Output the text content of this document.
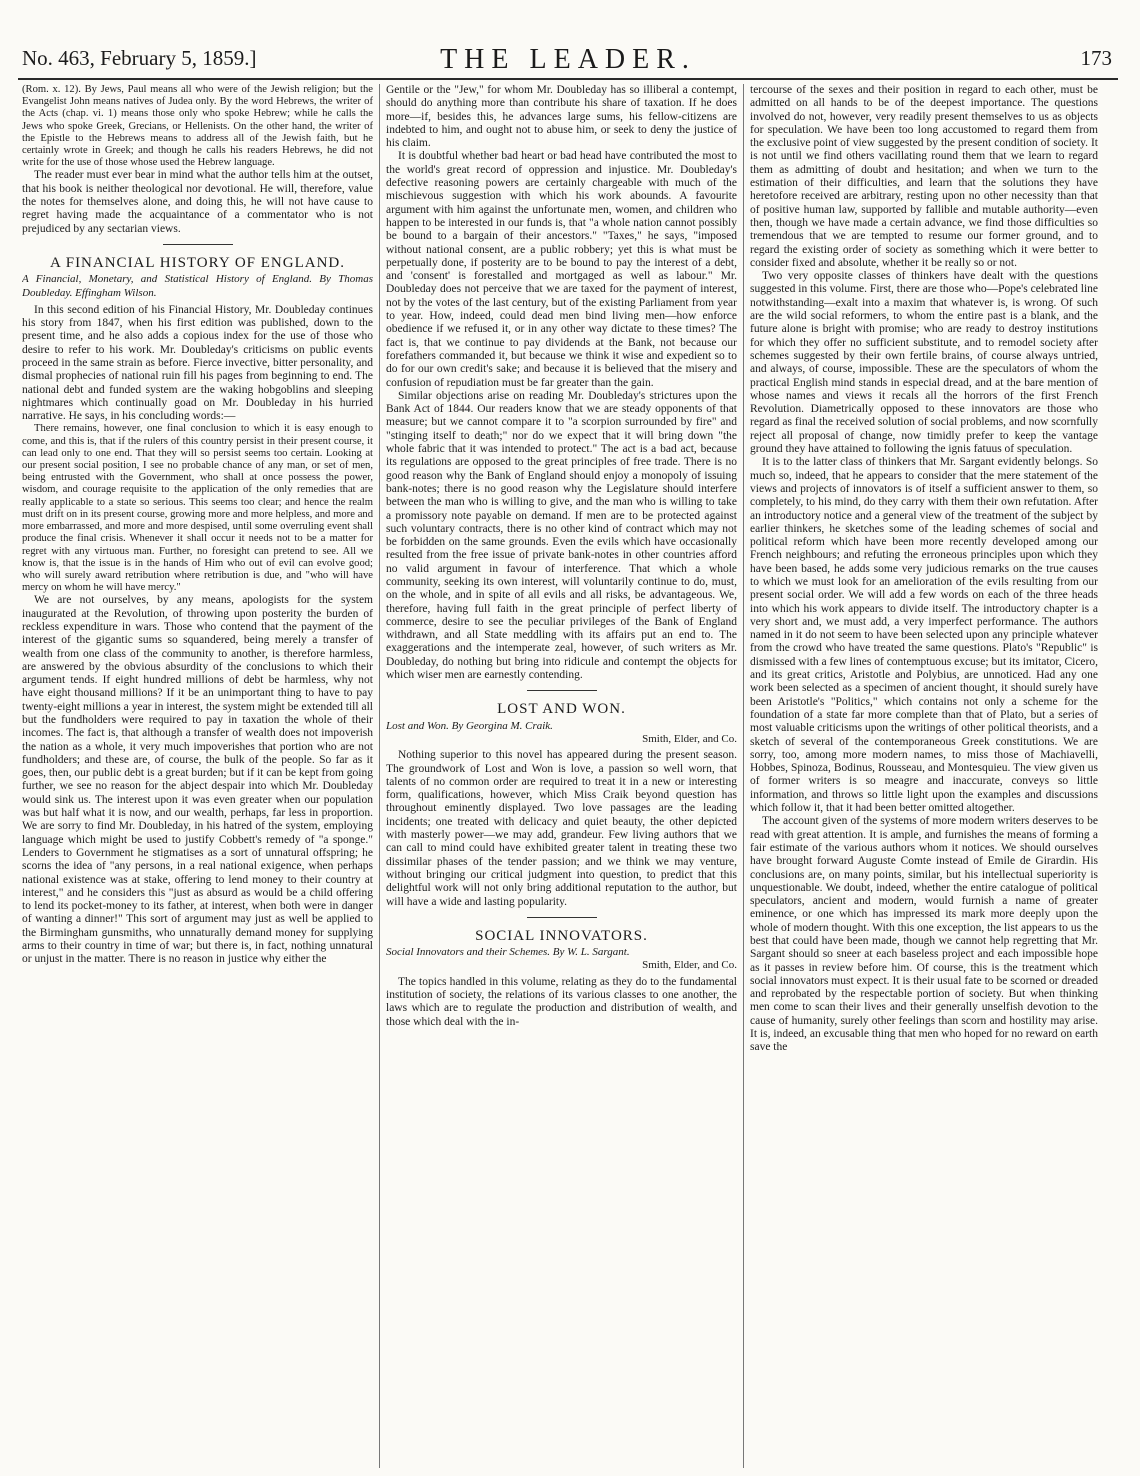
No. 463, February 5, 1859.]	THE LEADER.	173

(Rom. x. 12). By Jews, Paul means all who were of the Jewish religion; but the Evangelist John means natives of Judea only. By the word Hebrews, the writer of the Acts (chap. vi. 1) means those only who spoke Hebrew; while he calls the Jews who spoke Greek, Grecians, or Hellenists. On the other hand, the writer of the Epistle to the Hebrews means to address all of the Jewish faith, but he certainly wrote in Greek; and though he calls his readers Hebrews, he did not write for the use of those whose used the Hebrew language.

The reader must ever bear in mind what the author tells him at the outset, that his book is neither theological nor devotional. He will, therefore, value the notes for themselves alone, and doing this, he will not have cause to regret having made the acquaintance of a commentator who is not prejudiced by any sectarian views.

A FINANCIAL HISTORY OF ENGLAND.

A Financial, Monetary, and Statistical History of England. By Thomas Doubleday. Effingham Wilson.

In this second edition of his Financial History, Mr. Doubleday continues his story from 1847, when his first edition was published, down to the present time, and he also adds a copious index for the use of those who desire to refer to his work. Mr. Doubleday's criticisms on public events proceed in the same strain as before. Fierce invective, bitter personality, and dismal prophecies of national ruin fill his pages from beginning to end. The national debt and funded system are the waking hobgoblins and sleeping nightmares which continually goad on Mr. Doubleday in his hurried narrative. He says, in his concluding words:—

There remains, however, one final conclusion to which it is easy enough to come, and this is, that if the rulers of this country persist in their present course, it can lead only to one end. That they will so persist seems too certain. Looking at our present social position, I see no probable chance of any man, or set of men, being entrusted with the Government, who shall at once possess the power, wisdom, and courage requisite to the application of the only remedies that are really applicable to a state so serious. This seems too clear; and hence the realm must drift on in its present course, growing more and more helpless, and more and more embarrassed, and more and more despised, until some overruling event shall produce the final crisis. Whenever it shall occur it needs not to be a matter for regret with any virtuous man. Further, no foresight can pretend to see. All we know is, that the issue is in the hands of Him who out of evil can evolve good; who will surely award retribution where retribution is due, and "who will have mercy on whom he will have mercy."

We are not ourselves, by any means, apologists for the system inaugurated at the Revolution, of throwing upon posterity the burden of reckless expenditure in wars. Those who contend that the payment of the interest of the gigantic sums so squandered, being merely a transfer of wealth from one class of the community to another, is therefore harmless, are answered by the obvious absurdity of the conclusions to which their argument tends. If eight hundred millions of debt be harmless, why not have eight thousand millions? If it be an unimportant thing to have to pay twenty-eight millions a year in interest, the system might be extended till all but the fundholders were required to pay in taxation the whole of their incomes. The fact is, that although a transfer of wealth does not impoverish the nation as a whole, it very much impoverishes that portion who are not fundholders; and these are, of course, the bulk of the people. So far as it goes, then, our public debt is a great burden; but if it can be kept from going further, we see no reason for the abject despair into which Mr. Doubleday would sink us. The interest upon it was even greater when our population was but half what it is now, and our wealth, perhaps, far less in proportion. We are sorry to find Mr. Doubleday, in his hatred of the system, employing language which might be used to justify Cobbett's remedy of "a sponge." Lenders to Government he stigmatises as a sort of unnatural offspring; he scorns the idea of "any persons, in a real national exigence, when perhaps national existence was at stake, offering to lend money to their country at interest," and he considers this "just as absurd as would be a child offering to lend its pocket-money to its father, at interest, when both were in danger of wanting a dinner!" This sort of argument may just as well be applied to the Birmingham gunsmiths, who unnaturally demand money for supplying arms to their country in time of war; but there is, in fact, nothing unnatural or unjust in the matter. There is no reason in justice why either the

Gentile or the "Jew," for whom Mr. Doubleday has so illiberal a contempt, should do anything more than contribute his share of taxation. If he does more—if, besides this, he advances large sums, his fellow-citizens are indebted to him, and ought not to abuse him, or seek to deny the justice of his claim.

It is doubtful whether bad heart or bad head have contributed the most to the world's great record of oppression and injustice. Mr. Doubleday's defective reasoning powers are certainly chargeable with much of the mischievous suggestion with which his work abounds. A favourite argument with him against the unfortunate men, women, and children who happen to be interested in our funds is, that "a whole nation cannot possibly be bound to a bargain of their ancestors." "Taxes," he says, "imposed without national consent, are a public robbery; yet this is what must be perpetually done, if posterity are to be bound to pay the interest of a debt, and 'consent' is forestalled and mortgaged as well as labour." Mr. Doubleday does not perceive that we are taxed for the payment of interest, not by the votes of the last century, but of the existing Parliament from year to year. How, indeed, could dead men bind living men—how enforce obedience if we refused it, or in any other way dictate to these times? The fact is, that we continue to pay dividends at the Bank, not because our forefathers commanded it, but because we think it wise and expedient so to do for our own credit's sake; and because it is believed that the misery and confusion of repudiation must be far greater than the gain.

Similar objections arise on reading Mr. Doubleday's strictures upon the Bank Act of 1844. Our readers know that we are steady opponents of that measure; but we cannot compare it to "a scorpion surrounded by fire" and "stinging itself to death;" nor do we expect that it will bring down "the whole fabric that it was intended to protect." The act is a bad act, because its regulations are opposed to the great principles of free trade. There is no good reason why the Bank of England should enjoy a monopoly of issuing bank-notes; there is no good reason why the Legislature should interfere between the man who is willing to give, and the man who is willing to take a promissory note payable on demand. If men are to be protected against such voluntary contracts, there is no other kind of contract which may not be forbidden on the same grounds. Even the evils which have occasionally resulted from the free issue of private bank-notes in other countries afford no valid argument in favour of interference. That which a whole community, seeking its own interest, will voluntarily continue to do, must, on the whole, and in spite of all evils and all risks, be advantageous. We, therefore, having full faith in the great principle of perfect liberty of commerce, desire to see the peculiar privileges of the Bank of England withdrawn, and all State meddling with its affairs put an end to. The exaggerations and the intemperate zeal, however, of such writers as Mr. Doubleday, do nothing but bring into ridicule and contempt the objects for which wiser men are earnestly contending.

LOST AND WON.

Lost and Won. By Georgina M. Craik.

Smith, Elder, and Co.

Nothing superior to this novel has appeared during the present season. The groundwork of Lost and Won is love, a passion so well worn, that talents of no common order are required to treat it in a new or interesting form, qualifications, however, which Miss Craik beyond question has throughout eminently displayed. Two love passages are the leading incidents; one treated with delicacy and quiet beauty, the other depicted with masterly power—we may add, grandeur. Few living authors that we can call to mind could have exhibited greater talent in treating these two dissimilar phases of the tender passion; and we think we may venture, without bringing our critical judgment into question, to predict that this delightful work will not only bring additional reputation to the author, but will have a wide and lasting popularity.

SOCIAL INNOVATORS.

Social Innovators and their Schemes. By W. L. Sargant.

Smith, Elder, and Co.

The topics handled in this volume, relating as they do to the fundamental institution of society, the relations of its various classes to one another, the laws which are to regulate the production and distribution of wealth, and those which deal with the in-

tercourse of the sexes and their position in regard to each other, must be admitted on all hands to be of the deepest importance. The questions involved do not, however, very readily present themselves to us as objects for speculation. We have been too long accustomed to regard them from the exclusive point of view suggested by the present condition of society. It is not until we find others vacillating round them that we learn to regard them as admitting of doubt and hesitation; and when we turn to the estimation of their difficulties, and learn that the solutions they have heretofore received are arbitrary, resting upon no other necessity than that of positive human law, supported by fallible and mutable authority—even then, though we have made a certain advance, we find those difficulties so tremendous that we are tempted to resume our former ground, and to regard the existing order of society as something which it were better to consider fixed and absolute, whether it be really so or not.

Two very opposite classes of thinkers have dealt with the questions suggested in this volume. First, there are those who—Pope's celebrated line notwithstanding—exalt into a maxim that whatever is, is wrong. Of such are the wild social reformers, to whom the entire past is a blank, and the future alone is bright with promise; who are ready to destroy institutions for which they offer no sufficient substitute, and to remodel society after schemes suggested by their own fertile brains, of course always untried, and always, of course, impossible. These are the speculators of whom the practical English mind stands in especial dread, and at the bare mention of whose names and views it recals all the horrors of the first French Revolution. Diametrically opposed to these innovators are those who regard as final the received solution of social problems, and now scornfully reject all proposal of change, now timidly prefer to keep the vantage ground they have attained to following the ignis fatuus of speculation.

It is to the latter class of thinkers that Mr. Sargant evidently belongs. So much so, indeed, that he appears to consider that the mere statement of the views and projects of innovators is of itself a sufficient answer to them, so completely, to his mind, do they carry with them their own refutation. After an introductory notice and a general view of the treatment of the subject by earlier thinkers, he sketches some of the leading schemes of social and political reform which have been more recently developed among our French neighbours; and refuting the erroneous principles upon which they have been based, he adds some very judicious remarks on the true causes to which we must look for an amelioration of the evils resulting from our present social order. We will add a few words on each of the three heads into which his work appears to divide itself. The introductory chapter is a very short and, we must add, a very imperfect performance. The authors named in it do not seem to have been selected upon any principle whatever from the crowd who have treated the same questions. Plato's "Republic" is dismissed with a few lines of contemptuous excuse; but its imitator, Cicero, and its great critics, Aristotle and Polybius, are unnoticed. Had any one work been selected as a specimen of ancient thought, it should surely have been Aristotle's "Politics," which contains not only a scheme for the foundation of a state far more complete than that of Plato, but a series of most valuable criticisms upon the writings of other political theorists, and a sketch of several of the contemporaneous Greek constitutions. We are sorry, too, among more modern names, to miss those of Machiavelli, Hobbes, Spinoza, Bodinus, Rousseau, and Montesquieu. The view given us of former writers is so meagre and inaccurate, conveys so little information, and throws so little light upon the examples and discussions which follow it, that it had been better omitted altogether.

The account given of the systems of more modern writers deserves to be read with great attention. It is ample, and furnishes the means of forming a fair estimate of the various authors whom it notices. We should ourselves have brought forward Auguste Comte instead of Emile de Girardin. His conclusions are, on many points, similar, but his intellectual superiority is unquestionable. We doubt, indeed, whether the entire catalogue of political speculators, ancient and modern, would furnish a name of greater eminence, or one which has impressed its mark more deeply upon the whole of modern thought. With this one exception, the list appears to us the best that could have been made, though we cannot help regretting that Mr. Sargant should so sneer at each baseless project and each impossible hope as it passes in review before him. Of course, this is the treatment which social innovators must expect. It is their usual fate to be scorned or dreaded and reprobated by the respectable portion of society. But when thinking men come to scan their lives and their generally unselfish devotion to the cause of humanity, surely other feelings than scorn and hostility may arise. It is, indeed, an excusable thing that men who hoped for no reward on earth save the
